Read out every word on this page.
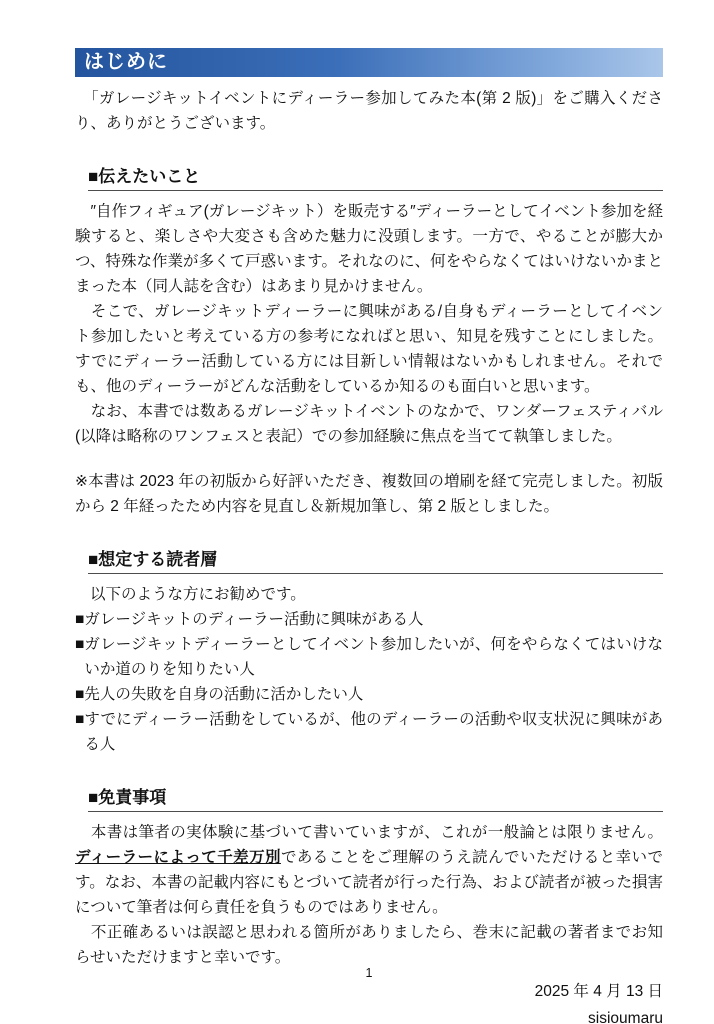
はじめに

　「ガレージキットイベントにディーラー参加してみた本(第 2 版)」をご購入くださり、ありがとうございます。

■伝えたいこと

　″自作フィギュア(ガレージキット）を販売する″ディーラーとしてイベント参加を経験すると、楽しさや大変さも含めた魅力に没頭します。一方で、やることが膨大かつ、特殊な作業が多くて戸惑います。それなのに、何をやらなくてはいけないかまとまった本（同人誌を含む）はあまり見かけません。

　そこで、ガレージキットディーラーに興味がある/自身もディーラーとしてイベント参加したいと考えている方の参考になればと思い、知見を残すことにしました。すでにディーラー活動している方には目新しい情報はないかもしれません。それでも、他のディーラーがどんな活動をしているか知るのも面白いと思います。

　なお、本書では数あるガレージキットイベントのなかで、ワンダーフェスティバル(以降は略称のワンフェスと表記）での参加経験に焦点を当てて執筆しました。

※本書は 2023 年の初版から好評いただき、複数回の増刷を経て完売しました。初版から 2 年経ったため内容を見直し＆新規加筆し、第 2 版としました。

■想定する読者層

以下のような方にお勧めです。

■ ガレージキットのディーラー活動に興味がある人
■ ガレージキットディーラーとしてイベント参加したいが、何をやらなくてはいけないか道のりを知りたい人
■ 先人の失敗を自身の活動に活かしたい人
■ すでにディーラー活動をしているが、他のディーラーの活動や収支状況に興味がある人
■免責事項

　本書は筆者の実体験に基づいて書いていますが、これが一般論とは限りません。ディーラーによって千差万別であることをご理解のうえ読んでいただけると幸いです。なお、本書の記載内容にもとづいて読者が行った行為、および読者が被った損害について筆者は何ら責任を負うものではありません。

　不正確あるいは誤認と思われる箇所がありましたら、巻末に記載の著者までお知らせいただけますと幸いです。

2025 年 4 月 13 日
sisioumaru
1
